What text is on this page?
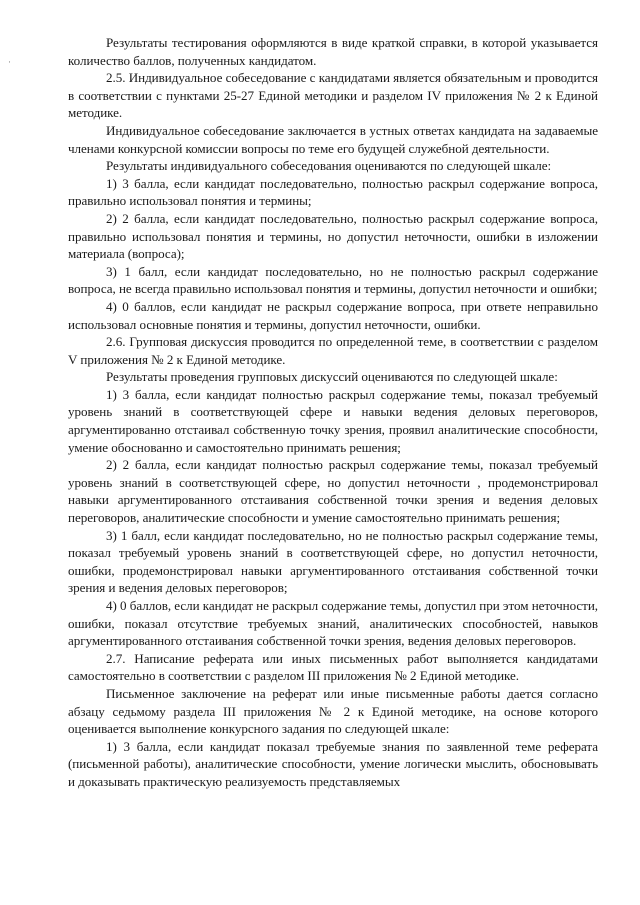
·

Результаты тестирования оформляются в виде краткой справки, в которой указывается количество баллов, полученных кандидатом.

2.5. Индивидуальное собеседование с кандидатами является обязательным и проводится в соответствии с пунктами 25-27 Единой методики и разделом IV приложения № 2 к Единой методике.

Индивидуальное собеседование заключается в устных ответах кандидата на задаваемые членами конкурсной комиссии вопросы по теме его будущей служебной деятельности.

Результаты индивидуального собеседования оцениваются по следующей шкале:

1) 3 балла, если кандидат последовательно, полностью раскрыл содержание вопроса, правильно использовал понятия и термины;

2) 2 балла, если кандидат последовательно, полностью раскрыл содержание вопроса, правильно использовал понятия и термины, но допустил неточности, ошибки в изложении материала (вопроса);

3) 1 балл, если кандидат последовательно, но не полностью раскрыл содержание вопроса, не всегда правильно использовал понятия и термины, допустил неточности и ошибки;

4) 0 баллов, если кандидат не раскрыл содержание вопроса, при ответе неправильно использовал основные понятия и термины, допустил неточности, ошибки.

2.6. Групповая дискуссия проводится по определенной теме, в соответствии с разделом V приложения № 2 к Единой методике.

Результаты проведения групповых дискуссий оцениваются по следующей шкале:

1) 3 балла, если кандидат полностью раскрыл содержание темы, показал требуемый уровень знаний в соответствующей сфере и навыки ведения деловых переговоров, аргументированно отстаивал собственную точку зрения, проявил аналитические способности, умение обоснованно и самостоятельно принимать решения;

2) 2 балла, если кандидат полностью раскрыл содержание темы, показал требуемый уровень знаний в соответствующей сфере, но допустил неточности , продемонстрировал навыки аргументированного отстаивания собственной точки зрения и ведения деловых переговоров, аналитические способности и умение самостоятельно принимать решения;

3) 1 балл, если кандидат последовательно, но не полностью раскрыл содержание темы, показал требуемый уровень знаний в соответствующей сфере, но допустил неточности, ошибки, продемонстрировал навыки аргументированного отстаивания собственной точки зрения и ведения деловых переговоров;

4) 0 баллов, если кандидат не раскрыл содержание темы, допустил при этом неточности, ошибки, показал отсутствие требуемых знаний, аналитических способностей, навыков аргументированного отстаивания собственной точки зрения, ведения деловых переговоров.

2.7. Написание реферата или иных письменных работ выполняется кандидатами самостоятельно в соответствии с разделом III приложения № 2 Единой методике.

Письменное заключение на реферат или иные письменные работы дается согласно абзацу седьмому раздела III приложения № 2 к Единой методике, на основе которого оценивается выполнение конкурсного задания по следующей шкале:

1) 3 балла, если кандидат показал требуемые знания по заявленной теме реферата (письменной работы), аналитические способности, умение логически мыслить, обосновывать и доказывать практическую реализуемость представляемых
